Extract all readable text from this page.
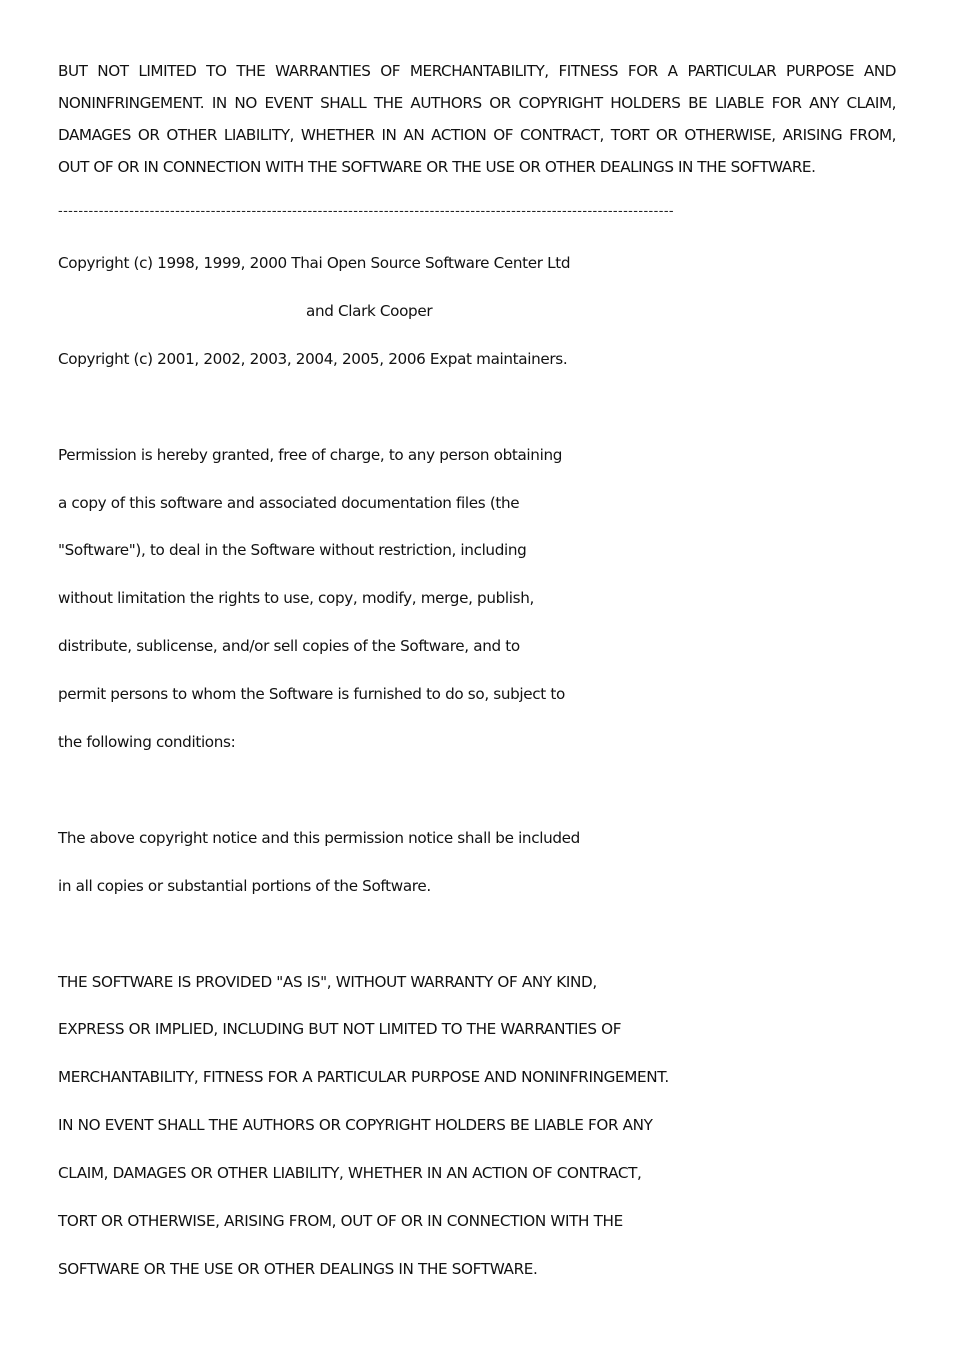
BUT NOT LIMITED TO THE WARRANTIES OF MERCHANTABILITY, FITNESS FOR A PARTICULAR PURPOSE AND
NONINFRINGEMENT. IN NO EVENT SHALL THE AUTHORS OR COPYRIGHT HOLDERS BE LIABLE FOR ANY CLAIM,
DAMAGES OR OTHER LIABILITY, WHETHER IN AN ACTION OF CONTRACT, TORT OR OTHERWISE, ARISING FROM,
OUT OF OR IN CONNECTION WITH THE SOFTWARE OR THE USE OR OTHER DEALINGS IN THE SOFTWARE.
-------------------------------------------------------------------------------------------------------------------------

Copyright (c) 1998, 1999, 2000 Thai Open Source Software Center Ltd

and Clark Cooper

Copyright (c) 2001, 2002, 2003, 2004, 2005, 2006 Expat maintainers.

Permission is hereby granted, free of charge, to any person obtaining

a copy of this software and associated documentation files (the

"Software"), to deal in the Software without restriction, including

without limitation the rights to use, copy, modify, merge, publish,

distribute, sublicense, and/or sell copies of the Software, and to

permit persons to whom the Software is furnished to do so, subject to

the following conditions:

The above copyright notice and this permission notice shall be included

in all copies or substantial portions of the Software.

THE SOFTWARE IS PROVIDED "AS IS", WITHOUT WARRANTY OF ANY KIND,

EXPRESS OR IMPLIED, INCLUDING BUT NOT LIMITED TO THE WARRANTIES OF

MERCHANTABILITY, FITNESS FOR A PARTICULAR PURPOSE AND NONINFRINGEMENT.

IN NO EVENT SHALL THE AUTHORS OR COPYRIGHT HOLDERS BE LIABLE FOR ANY

CLAIM, DAMAGES OR OTHER LIABILITY, WHETHER IN AN ACTION OF CONTRACT,

TORT OR OTHERWISE, ARISING FROM, OUT OF OR IN CONNECTION WITH THE

SOFTWARE OR THE USE OR OTHER DEALINGS IN THE SOFTWARE.
